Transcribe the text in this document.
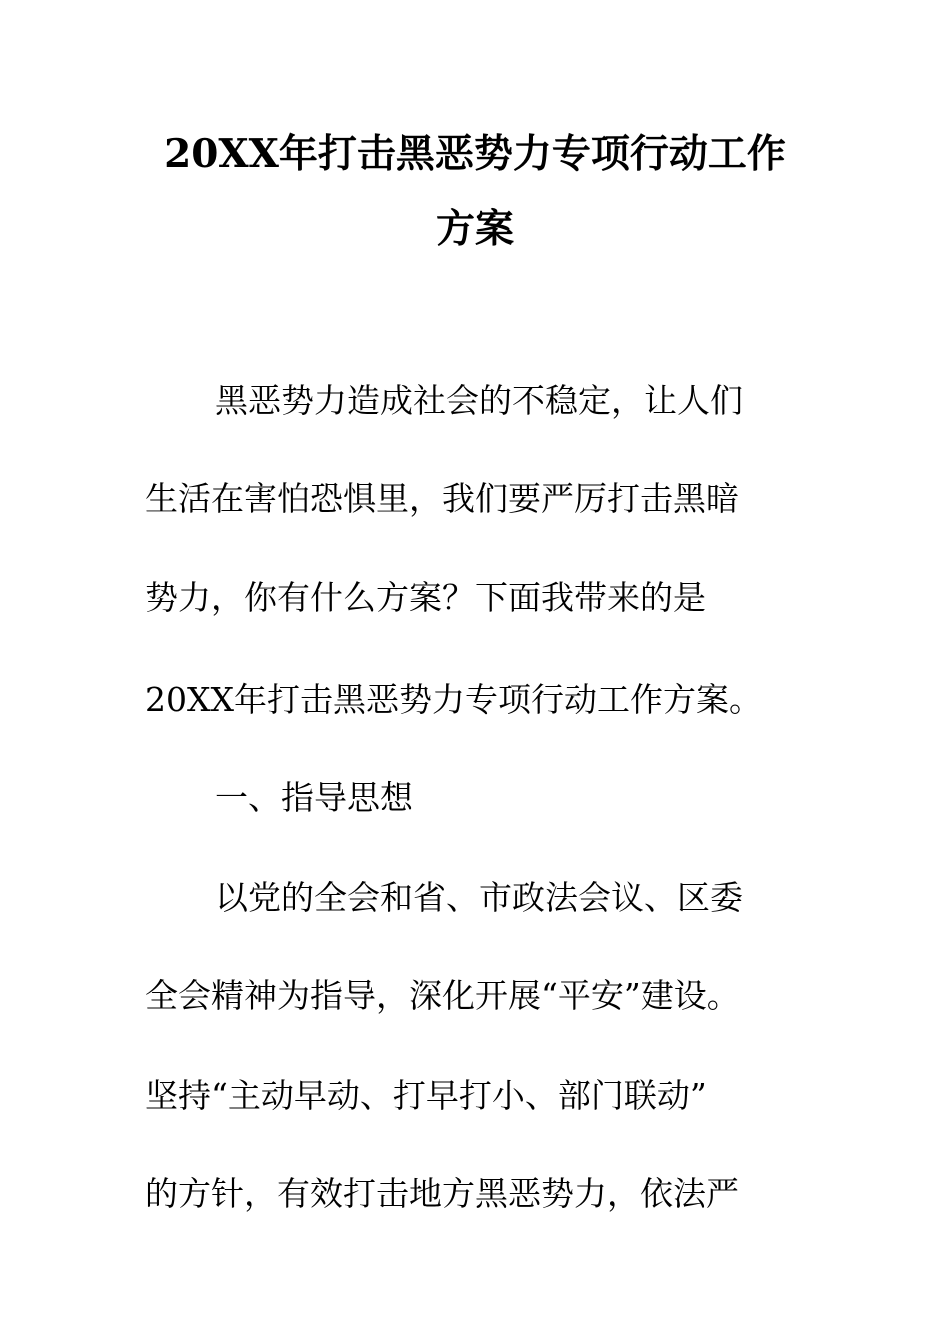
20XX年打击黑恶势力专项行动工作
方案
黑恶势力造成社会的不稳定，让人们
生活在害怕恐惧里，我们要严厉打击黑暗
势力，你有什么方案？下面我带来的是
20XX年打击黑恶势力专项行动工作方案。
一、指导思想
以党的全会和省、市政法会议、区委
全会精神为指导，深化开展“平安”建设。
坚持“主动早动、打早打小、部门联动”
的方针，有效打击地方黑恶势力，依法严
